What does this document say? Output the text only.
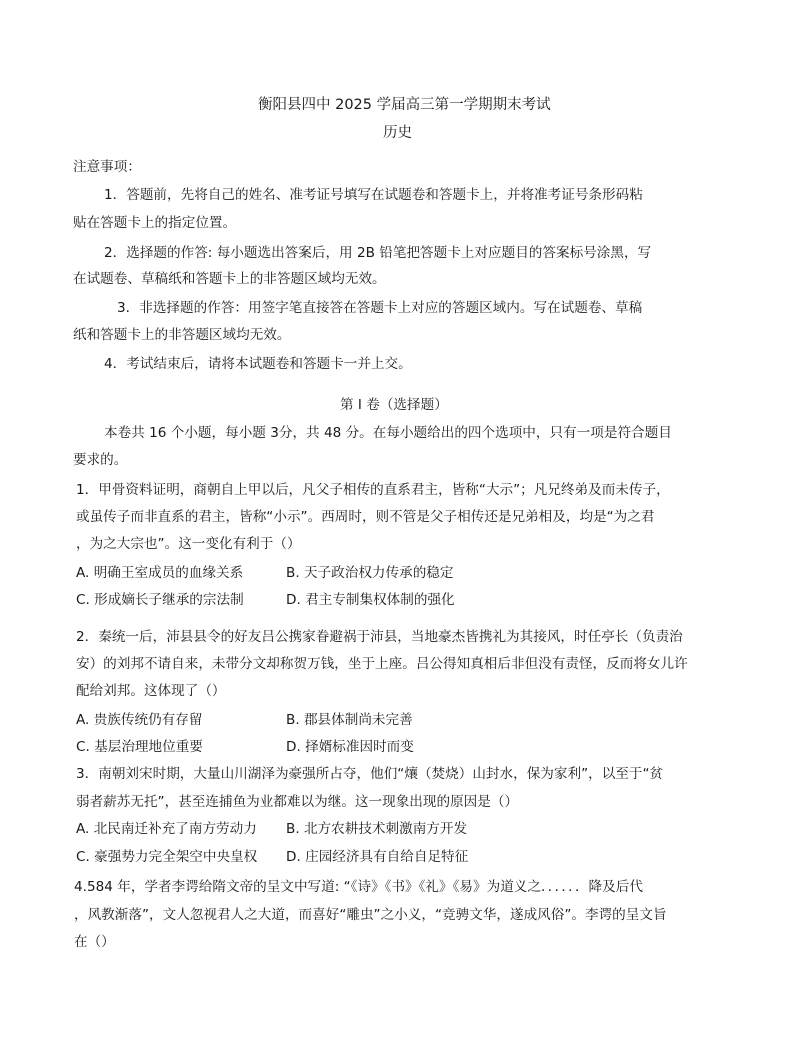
衡阳县四中 2025 学届高三第一学期期末考试
历史
注意事项：
1．答题前，先将自己的姓名、准考证号填写在试题卷和答题卡上，并将准考证号条形码粘
贴在答题卡上的指定位置。
2．选择题的作答: 每小题选出答案后，用 2B 铅笔把答题卡上对应题目的答案标号涂黑，写
在试题卷、草稿纸和答题卡上的非答题区域均无效。
3．非选择题的作答：用签字笔直接答在答题卡上对应的答题区域内。写在试题卷、草稿
纸和答题卡上的非答题区域均无效。
4．考试结束后，请将本试题卷和答题卡一并上交。
第 I 卷（选择题）
本卷共 16 个小题，每小题 3分，共 48 分。在每小题给出的四个选项中，只有一项是符合题目
要求的。
1．甲骨资料证明，商朝自上甲以后，凡父子相传的直系君主，皆称“大示”；凡兄终弟及而未传子，
或虽传子而非直系的君主，皆称“小示”。西周时，则不管是父子相传还是兄弟相及，均是“为之君
，为之大宗也”。这一变化有利于（）
A. 明确王室成员的血缘关系	B. 天子政治权力传承的稳定
C. 形成嫡长子继承的宗法制	D. 君主专制集权体制的强化
2．秦统一后，沛县县令的好友吕公携家眷避祸于沛县，当地豪杰皆携礼为其接风，时任亭长（负责治
安）的刘邦不请自来，未带分文却称贺万钱，坐于上座。吕公得知真相后非但没有责怪，反而将女儿许
配给刘邦。这体现了（）
A. 贵族传统仍有存留	B. 郡县体制尚未完善
C. 基层治理地位重要	D. 择婿标准因时而变
3．南朝刘宋时期，大量山川湖泽为豪强所占夺，他们“爙（焚烧）山封水，保为家利”，以至于“贫
弱者薪苏无托”，甚至连捕鱼为业都难以为继。这一现象出现的原因是（）
A. 北民南迁补充了南方劳动力 B. 北方农耕技术刺激南方开发
C. 豪强势力完全架空中央皇权 D. 庄园经济具有自给自足特征
4.584 年，学者李谔给隋文帝的呈文中写道: “《诗》《书》《礼》《易》为道义之．．．．．．降及后代
，风教渐落”，文人忽视君人之大道，而喜好“雕虫”之小义，“竞骋文华，遂成风俗”。李谔的呈文旨
在（）
